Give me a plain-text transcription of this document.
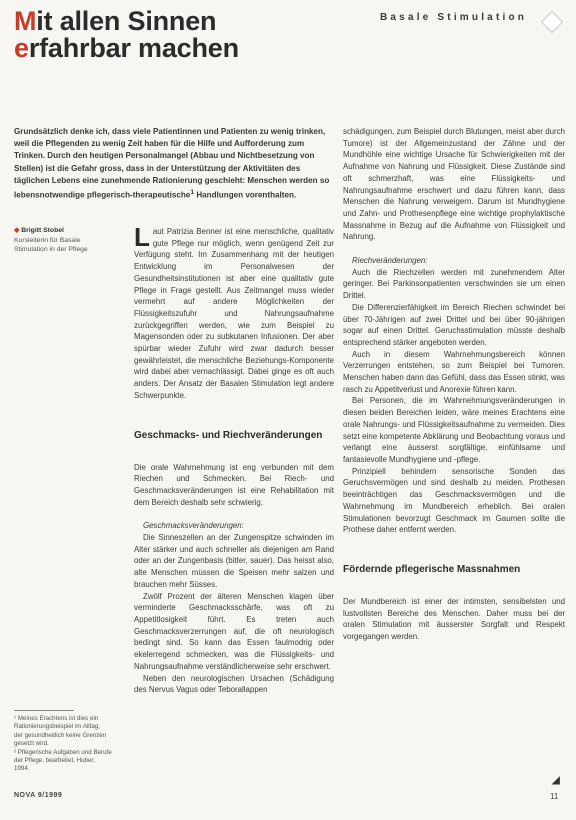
Mit allen Sinnen
erfahrbar machen
Basale Stimulation
Grundsätzlich denke ich, dass viele Patientinnen und Patienten zu wenig trinken, weil die Pflegenden zu wenig Zeit haben für die Hilfe und Aufforderung zum Trinken. Durch den heutigen Personalmangel (Abbau und Nichtbesetzung von Stellen) ist die Gefahr gross, dass in der Unterstützung der Aktivitäten des täglichen Lebens eine zunehmende Rationierung geschieht: Menschen werden so lebensnotwendige pflegerisch-therapeutische$^1$ Handlungen vorenthalten.
◆ Brigitt Stobel
Kursleiterin für Basale
Stimulation in der Pflege	Laut Patrizia Benner ist eine menschliche, qualitativ gute Pflege nur möglich, wenn genügend Zeit zur Verfügung steht. Im Zusammenhang mit der heutigen Entwicklung im Personalwesen der Gesundheitsinstitutionen ist aber eine qualitativ gute Pflege in Frage gestellt. Aus Zeitmangel muss wieder vermehrt auf andere Möglichkeiten der Flüssigkeitszufuhr und Nahrungsaufnahme zurückgegriffen werden, wie zum Beispiel zu Magensonden oder zu subkutanen Infusionen. Der aber spürbar wieder Zufuhr wird zwar dadurch besser gewährleistet, die menschliche Beziehungs-Komponente wird dabei aber vernachlässigt. Dabei ginge es oft auch anders. Der Ansatz der Basalen Stimulation legt andere Schwerpunkte.

Geschmacks- und Riechveränderungen

Die orale Wahrnehmung ist eng verbunden mit dem Riechen und Schmecken. Bei Riech- und Geschmacksveränderungen ist eine Rehabilitation mit dem Bereich deshalb sehr schwierig.

Geschmacksveränderungen:

Die Sinneszellen an der Zungenspitze schwinden im Alter stärker und auch schneller als diejenigen am Rand oder an der Zungenbasis (bitter, sauer). Das heisst also, alte Menschen müssen die Speisen mehr salzen und brauchen mehr Süsses.

Zwölf Prozent der älteren Menschen klagen über verminderte Geschmacksschärfe, was oft zu Appetitlosigkeit führt. Es treten auch Geschmacksverzerrungen auf, die oft neurologisch bedingt sind. So kann das Essen faulmodrig oder ekelerregend schmecken, was die Flüssigkeits- und Nahrungsaufnahme verständlicherweise sehr erschwert.

Neben den neurologischen Ursachen (Schädigung des Nervus Vagus oder Teborallappen

schädigungen, zum Beispiel durch Blutungen, meist aber durch Tumore) ist der Allgemeinzustand der Zähne und der Mundhöhle eine wichtige Ursache für Schwierigkeiten mit der Aufnahme von Nahrung und Flüssigkeit. Diese Zustände sind oft schmerzhaft, was eine Flüssigkeits- und Nahrungsaufnahme erschwert und dazu führen kann, dass Menschen die Nahrung verweigern. Darum ist Mundhygiene und Zahn- und Prothesenpflege eine wichtige prophylaktische Massnahme in Bezug auf die Aufnahme von Flüssigkeit und Nahrung.

Riechveränderungen:

Auch die Riechzellen werden mit zunehmendem Alter geringer. Bei Parkinsonpatienten verschwinden sie um einen Drittel.

Die Differenzierfähigkeit im Bereich Riechen schwindet bei über 70-Jährigen auf zwei Drittel und bei über 90-jährigen sogar auf einen Drittel. Geruchsstimulation müsste deshalb entsprechend stärker angeboten werden.

Auch in diesem Wahrnehmungsbereich können Verzerrungen entstehen, so zum Beispiel bei Tumoren. Menschen haben dann das Gefühl, dass das Essen stinkt, was rasch zu Appetitverlust und Anorexie führen kann.

Bei Personen, die im Wahrnehmungsveränderungen in diesen beiden Bereichen leiden, wäre meines Erachtens eine orale Nahrungs- und Flüssigkeitsaufnahme zu vermeiden. Dies setzt eine kompetente Abklärung und Beobachtung voraus und verlangt eine äusserst sorgfältige, einfühlsame und fantasievolle Mundhygiene und -pflege.

Prinzipiell behindern sensorische Sonden das Geruchsvermögen und sind deshalb zu meiden. Prothesen beeinträchtigen das Geschmacksvermögen und die Wahrnehmung im Mundbereich erheblich. Bei oralen Stimulationen bevorzugt Geschmack im Gaumen sollte die Prothese daher entfernt werden.

Fördernde pflegerische Massnahmen

Der Mundbereich ist einer der intimsten, sensibelsten und lustvollsten Bereiche des Menschen. Daher muss bei der oralen Stimulation mit äusserster Sorgfalt und Respekt vorgegangen werden.

¹ Meines Erachtens ist dies ein
Rationierungsbeispiel im Alltag,
der gesundheitlich keine Grenzen
gesetzt wird.
² Pflegerische Aufgaben und Berufe
der Pflege, bearbeitet, Huber,
1994.
◢
NOVA 9/1999	11
